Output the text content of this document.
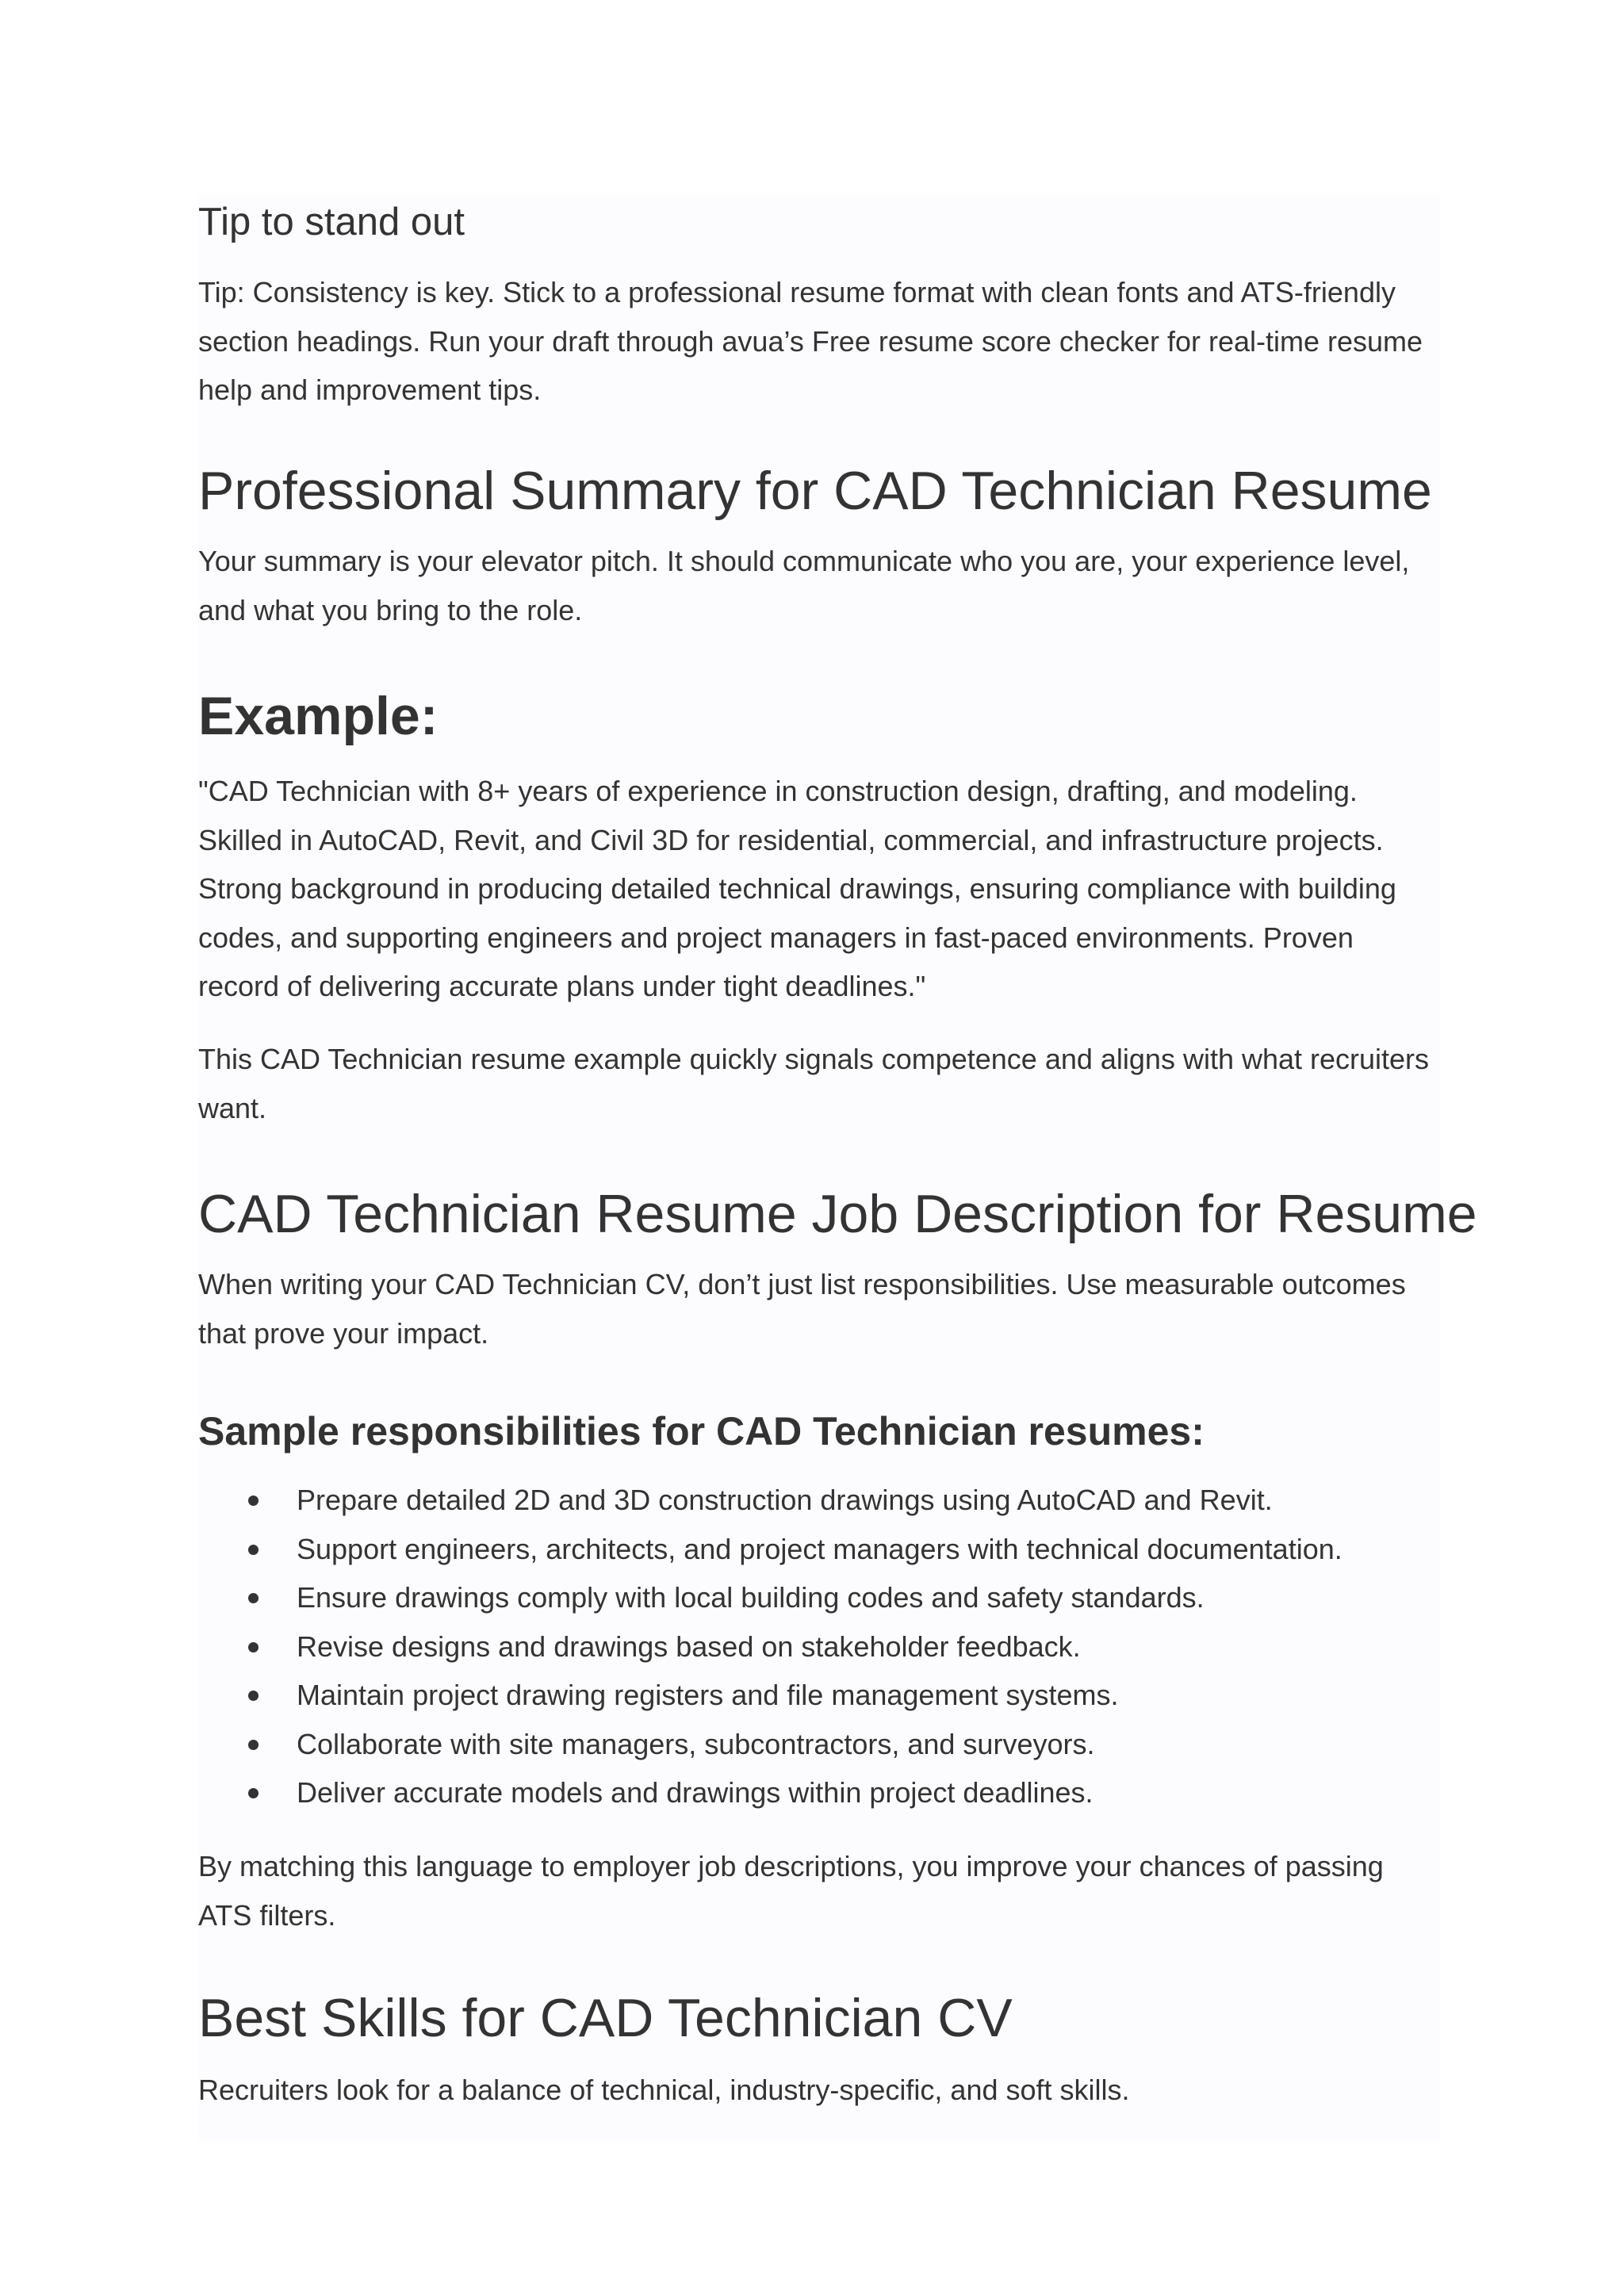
Tip to stand out

Tip: Consistency is key. Stick to a professional resume format with clean fonts and ATS-friendly section headings. Run your draft through avua’s Free resume score checker for real-time resume help and improvement tips.

Professional Summary for CAD Technician Resume

Your summary is your elevator pitch. It should communicate who you are, your experience level, and what you bring to the role.

Example:

"CAD Technician with 8+ years of experience in construction design, drafting, and modeling. Skilled in AutoCAD, Revit, and Civil 3D for residential, commercial, and infrastructure projects. Strong background in producing detailed technical drawings, ensuring compliance with building codes, and supporting engineers and project managers in fast-paced environments. Proven record of delivering accurate plans under tight deadlines."

This CAD Technician resume example quickly signals competence and aligns with what recruiters want.

CAD Technician Resume Job Description for Resume

When writing your CAD Technician CV, don’t just list responsibilities. Use measurable outcomes that prove your impact.

Sample responsibilities for CAD Technician resumes:
Prepare detailed 2D and 3D construction drawings using AutoCAD and Revit.
Support engineers, architects, and project managers with technical documentation.
Ensure drawings comply with local building codes and safety standards.
Revise designs and drawings based on stakeholder feedback.
Maintain project drawing registers and file management systems.
Collaborate with site managers, subcontractors, and surveyors.
Deliver accurate models and drawings within project deadlines.

By matching this language to employer job descriptions, you improve your chances of passing ATS filters.

Best Skills for CAD Technician CV

Recruiters look for a balance of technical, industry-specific, and soft skills.
